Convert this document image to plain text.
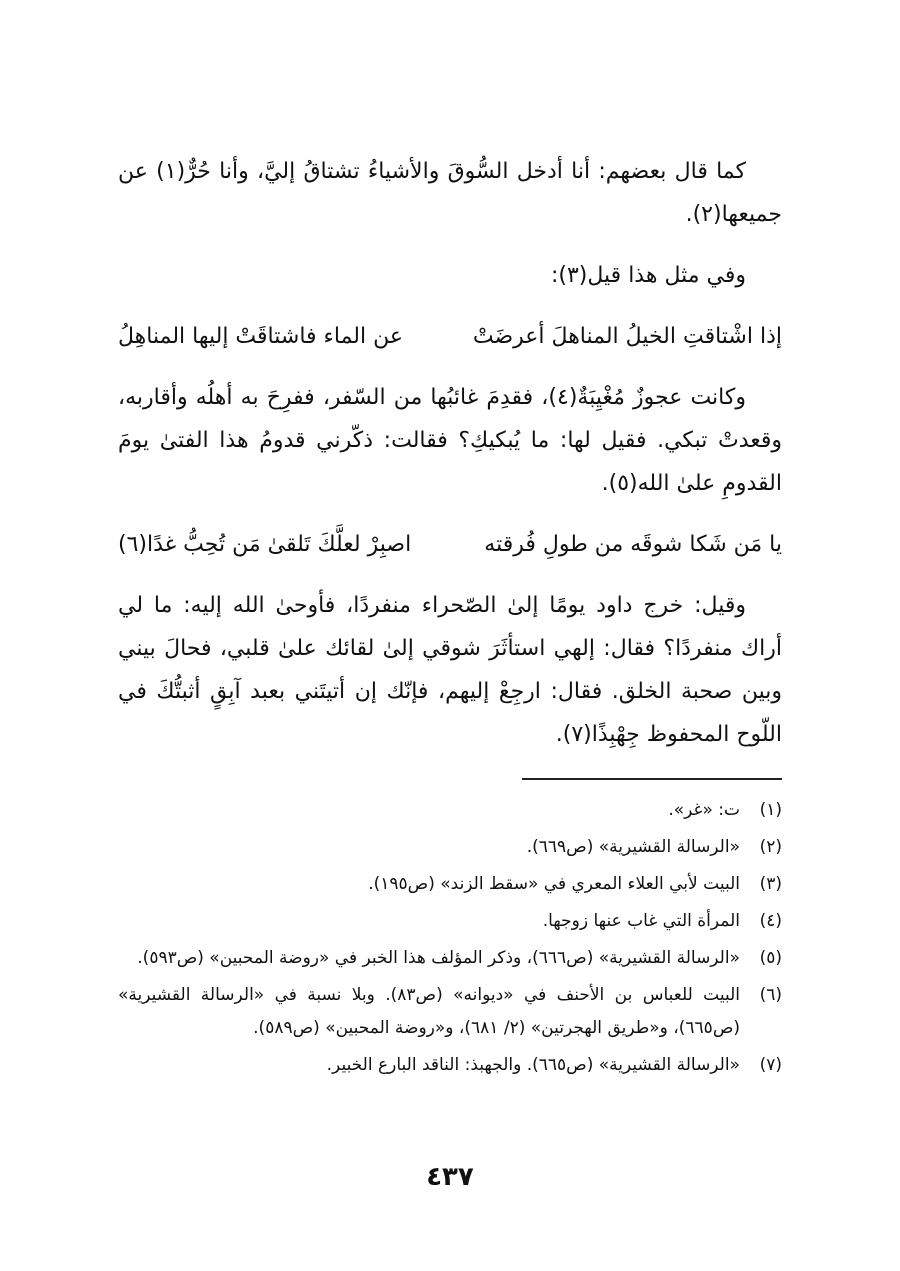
كما قال بعضهم: أنا أدخل السُّوقَ والأشياءُ تشتاقُ إليَّ، وأنا حُرٌّ(١) عن جميعها(٢).

وفي مثل هذا قيل(٣):

إذا اشْتاقتِ الخيلُ المناهلَ أعرضَتْ
عن الماء فاشتاقَتْ إليها المناهِلُ

وكانت عجوزٌ مُغْيِبَةٌ(٤)، فقدِمَ غائبُها من السّفر، ففرِحَ به أهلُه وأقاربه، وقعدتْ تبكي. فقيل لها: ما يُبكيكِ؟ فقالت: ذكّرني قدومُ هذا الفتىٰ يومَ القدومِ علىٰ الله(٥).

يا مَن شَكا شوقَه من طولِ فُرقته
اصبِرْ لعلَّكَ تَلقىٰ مَن تُحِبُّ غدًا(٦)

وقيل: خرج داود يومًا إلىٰ الصّحراء منفردًا، فأوحىٰ الله إليه: ما لي أراك منفردًا؟ فقال: إلهي استأثَرَ شوقي إلىٰ لقائك علىٰ قلبي، فحالَ بيني وبين صحبة الخلق. فقال: ارجِعْ إليهم، فإنّك إن أتيتَني بعبد آبِقٍ أثبتُّكَ في اللّوح المحفوظ جِهْبِذًا(٧).

(١)
ت: «غر».
(٢)
«الرسالة القشيرية» (ص٦٦٩).
(٣)
البيت لأبي العلاء المعري في «سقط الزند» (ص١٩٥).
(٤)
المرأة التي غاب عنها زوجها.
(٥)
«الرسالة القشيرية» (ص٦٦٦)، وذكر المؤلف هذا الخبر في «روضة المحبين» (ص٥٩٣).
(٦)
البيت للعباس بن الأحنف في «ديوانه» (ص٨٣). وبلا نسبة في «الرسالة القشيرية» (ص٦٦٥)، و«طريق الهجرتين» (٢/ ٦٨١)، و«روضة المحبين» (ص٥٨٩).
(٧)
«الرسالة القشيرية» (ص٦٦٥). والجهبذ: الناقد البارع الخبير.
٤٣٧
